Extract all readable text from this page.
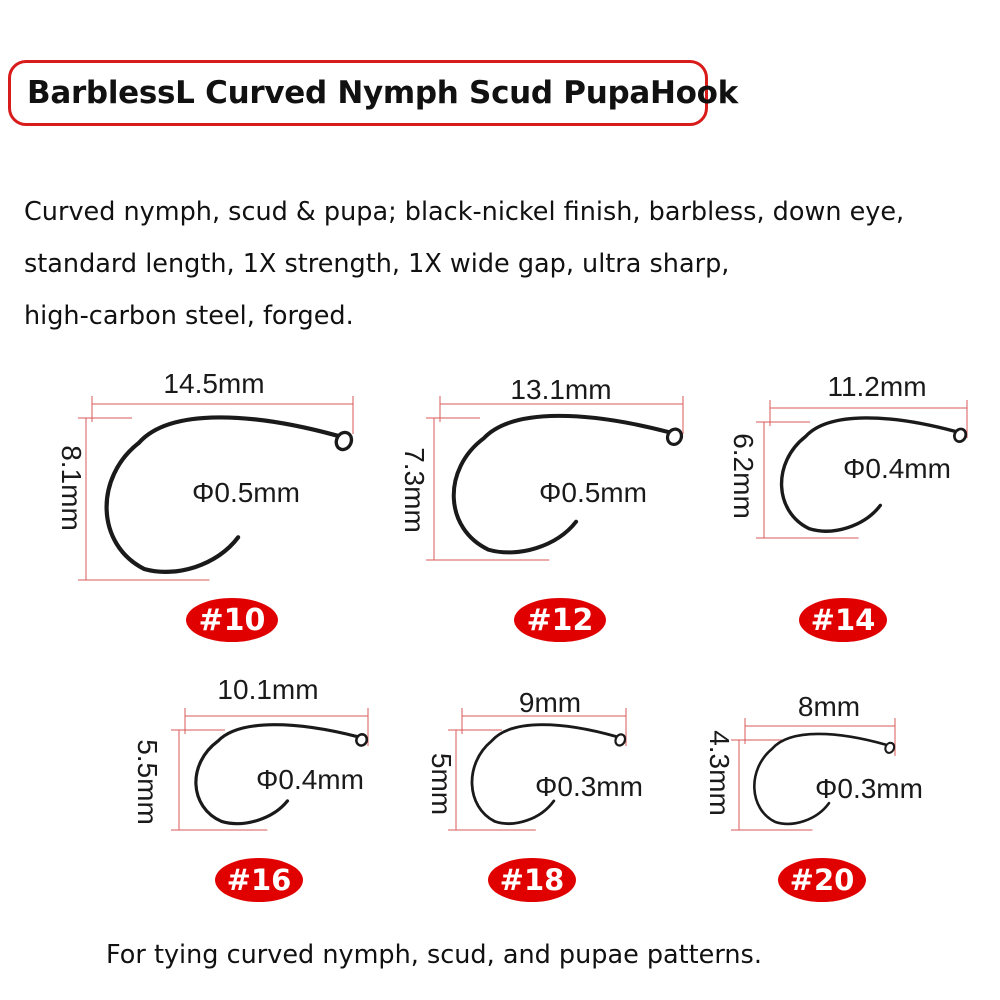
BarblessL Curved Nymph Scud PupaHook
Curved nymph, scud & pupa; black-nickel finish, barbless, down eye,
standard length, 1X strength, 1X wide gap, ultra sharp,
high-carbon steel, forged.
14.5mm
8.1mm	Φ0.5mm
#10
13.1mm
7.3mm	Φ0.5mm
#12
11.2mm
6.2mm	Φ0.4mm
#14
10.1mm
5.5mm	Φ0.4mm
#16
9mm
5mm	Φ0.3mm
#18
8mm
4.3mm	Φ0.3mm
#20
For tying curved nymph, scud, and pupae patterns.
